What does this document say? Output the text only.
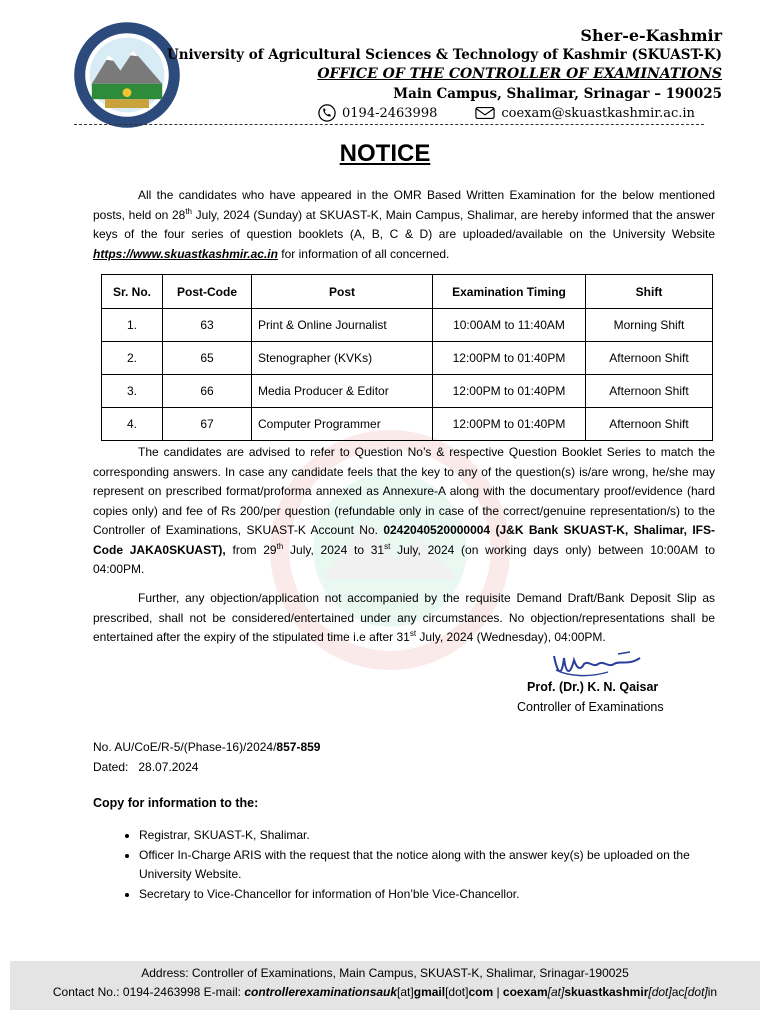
Sher-e-Kashmir
University of Agricultural Sciences & Technology of Kashmir (SKUAST-K)
OFFICE OF THE CONTROLLER OF EXAMINATIONS
Main Campus, Shalimar, Srinagar – 190025
0194-2463998	coexam@skuastkashmir.ac.in
NOTICE
All the candidates who have appeared in the OMR Based Written Examination for the below mentioned posts, held on 28th July, 2024 (Sunday) at SKUAST-K, Main Campus, Shalimar, are hereby informed that the answer keys of the four series of question booklets (A, B, C & D) are uploaded/available on the University Website https://www.skuastkashmir.ac.in for information of all concerned.
Sr. No.	Post-Code	Post	Examination Timing	Shift
1.	63	Print & Online Journalist	10:00AM to 11:40AM	Morning Shift
2.	65	Stenographer (KVKs)	12:00PM to 01:40PM	Afternoon Shift
3.	66	Media Producer & Editor	12:00PM to 01:40PM	Afternoon Shift
4.	67	Computer Programmer	12:00PM to 01:40PM	Afternoon Shift
The candidates are advised to refer to Question No’s & respective Question Booklet Series to match the corresponding answers. In case any candidate feels that the key to any of the question(s) is/are wrong, he/she may represent on prescribed format/proforma annexed as Annexure-A along with the documentary proof/evidence (hard copies only) and fee of Rs 200/per question (refundable only in case of the correct/genuine representation/s) to the Controller of Examinations, SKUAST-K Account No. 0242040520000004 (J&K Bank SKUAST-K, Shalimar, IFS-Code JAKA0SKUAST), from 29th July, 2024 to 31st July, 2024 (on working days only) between 10:00AM to 04:00PM.
Further, any objection/application not accompanied by the requisite Demand Draft/Bank Deposit Slip as prescribed, shall not be considered/entertained under any circumstances. No objection/representations shall be entertained after the expiry of the stipulated time i.e after 31st July, 2024 (Wednesday), 04:00PM.
Prof. (Dr.) K. N. Qaisar
Controller of Examinations
No. AU/CoE/R-5/(Phase-16)/2024/857-859
Dated: 28.07.2024
Copy for information to the:
• Registrar, SKUAST-K, Shalimar.
• Officer In-Charge ARIS with the request that the notice along with the answer key(s) be uploaded on the University Website.
• Secretary to Vice-Chancellor for information of Hon’ble Vice-Chancellor.
Address: Controller of Examinations, Main Campus, SKUAST-K, Shalimar, Srinagar-190025
Contact No.: 0194-2463998 E-mail: controllerexaminationsauk[at]gmail[dot]com | coexam[at]skuastkashmir[dot]ac[dot]in
